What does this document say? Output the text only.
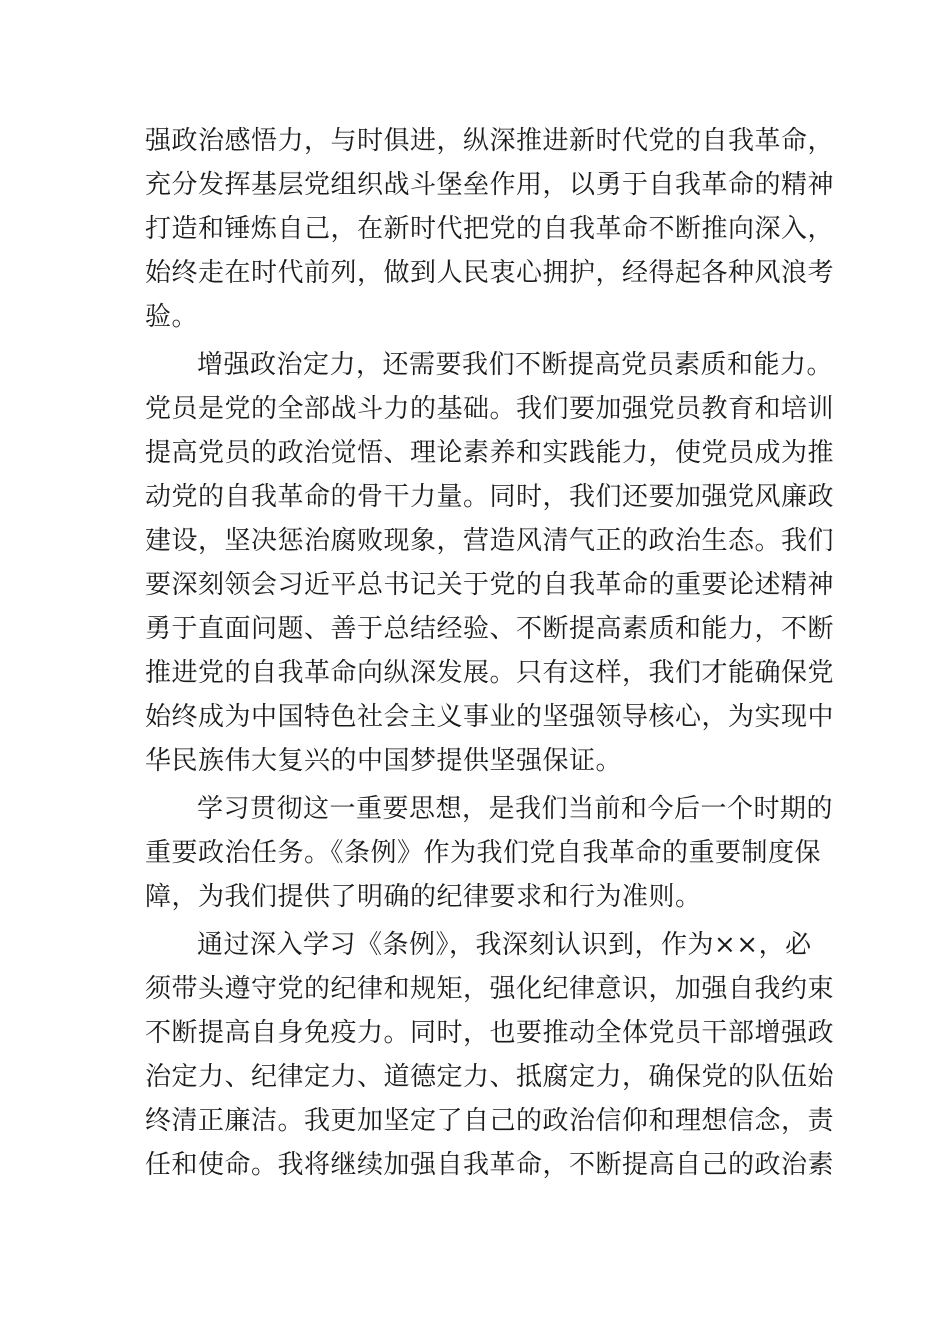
强政治感悟力，与时俱进，纵深推进新时代党的自我革命，
充分发挥基层党组织战斗堡垒作用，以勇于自我革命的精神
打造和锤炼自己，在新时代把党的自我革命不断推向深入，
始终走在时代前列，做到人民衷心拥护，经得起各种风浪考
验。
增强政治定力，还需要我们不断提高党员素质和能力。
党员是党的全部战斗力的基础。我们要加强党员教育和培训
提高党员的政治觉悟、理论素养和实践能力，使党员成为推
动党的自我革命的骨干力量。同时，我们还要加强党风廉政
建设，坚决惩治腐败现象，营造风清气正的政治生态。我们
要深刻领会习近平总书记关于党的自我革命的重要论述精神
勇于直面问题、善于总结经验、不断提高素质和能力，不断
推进党的自我革命向纵深发展。只有这样，我们才能确保党
始终成为中国特色社会主义事业的坚强领导核心，为实现中
华民族伟大复兴的中国梦提供坚强保证。
学习贯彻这一重要思想，是我们当前和今后一个时期的
重要政治任务。《条例》作为我们党自我革命的重要制度保
障，为我们提供了明确的纪律要求和行为准则。
通过深入学习《条例》，我深刻认识到，作为××，必
须带头遵守党的纪律和规矩，强化纪律意识，加强自我约束
不断提高自身免疫力。同时，也要推动全体党员干部增强政
治定力、纪律定力、道德定力、抵腐定力，确保党的队伍始
终清正廉洁。我更加坚定了自己的政治信仰和理想信念，责
任和使命。我将继续加强自我革命，不断提高自己的政治素
